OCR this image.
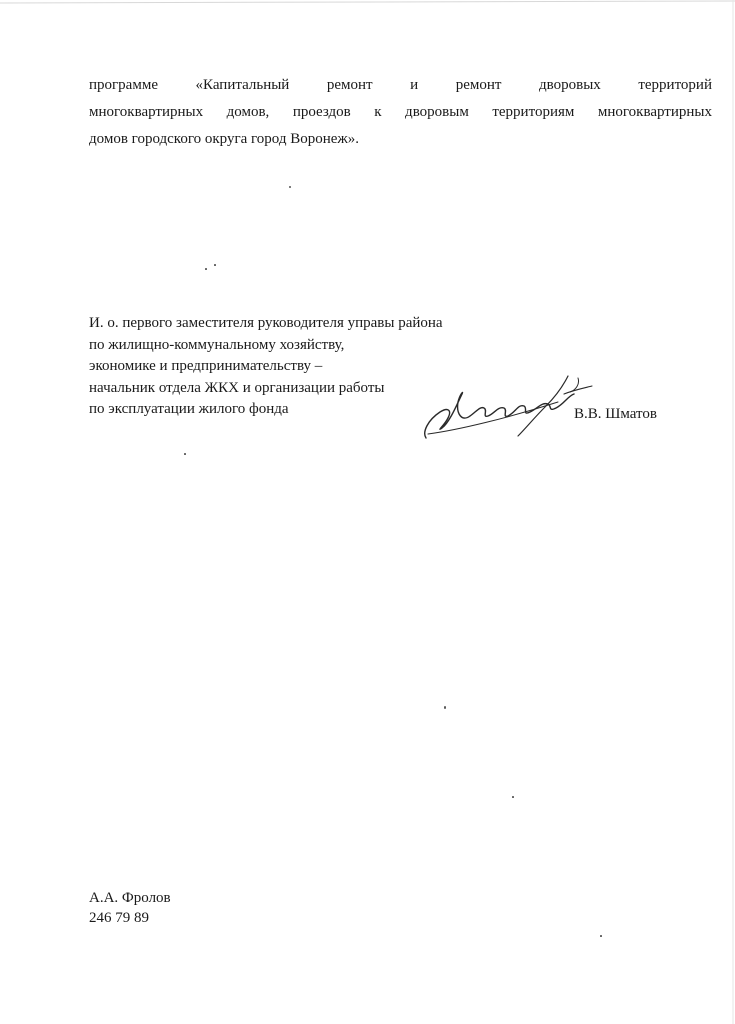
программе «Капитальный ремонт и ремонт дворовых территорий
многоквартирных домов, проездов к дворовым территориям многоквартирных
домов городского округа город Воронеж».
И. о. первого заместителя руководителя управы района
по жилищно-коммунальному хозяйству,
экономике и предпринимательству –
начальник отдела ЖКХ и организации работы
по эксплуатации жилого фонда	В.В. Шматов
А.А. Фролов
246 79 89
